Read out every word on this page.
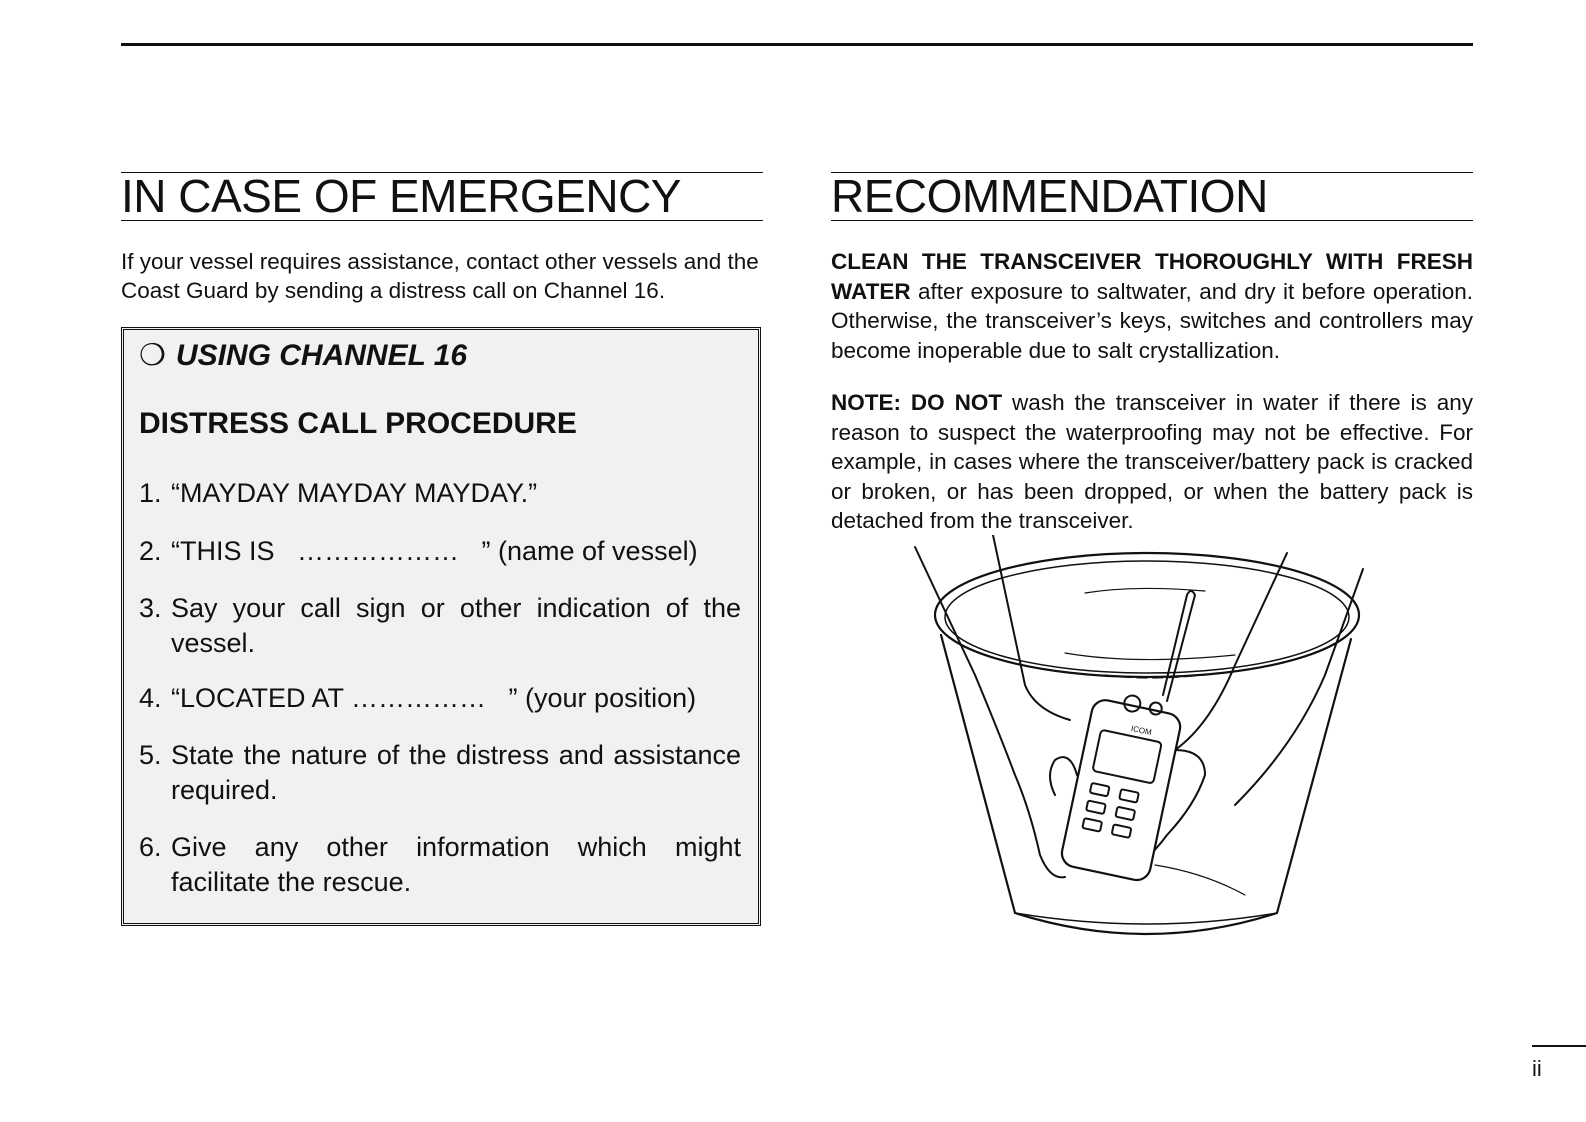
IN CASE OF EMERGENCY

If your vessel requires assistance, contact other vessels and the Coast Guard by sending a distress call on Channel 16.

❍ USING CHANNEL 16
DISTRESS CALL PROCEDURE
1. “MAYDAY MAYDAY MAYDAY.”
2. “THIS IS   ………………   ” (name of vessel)
3. Say your call sign or other indication of the vessel.
4. “LOCATED AT ……………   ” (your position)
5. State the nature of the distress and assistance required.
6. Give any other information which might facilitate the rescue.
RECOMMENDATION

CLEAN THE TRANSCEIVER THOROUGHLY WITH FRESH WATER after exposure to saltwater, and dry it before operation. Otherwise, the transceiver’s keys, switches and controllers may become inoperable due to salt crystallization.

NOTE: DO NOT wash the transceiver in water if there is any reason to suspect the waterproofing may not be effective. For example, in cases where the transceiver/battery pack is cracked or broken, or has been dropped, or when the battery pack is detached from the transceiver.

ICOM
ii
